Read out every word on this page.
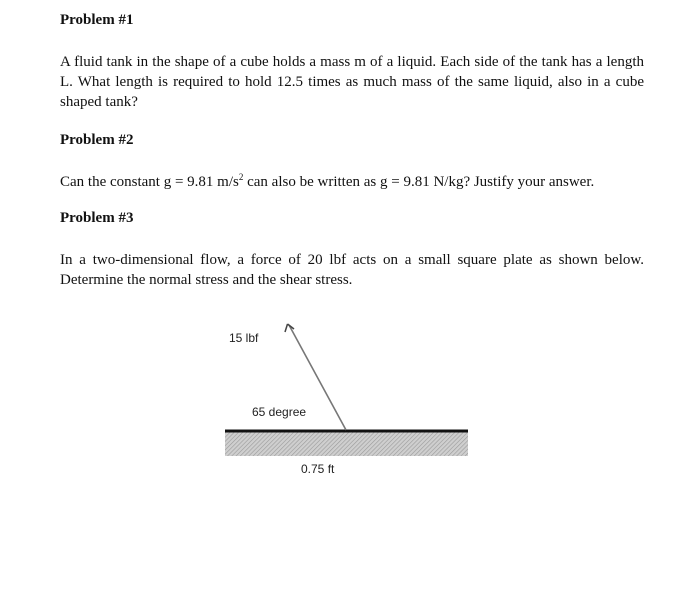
Problem #1
A fluid tank in the shape of a cube holds a mass m of a liquid. Each side of the tank has a length L. What length is required to hold 12.5 times as much mass of the same liquid, also in a cube shaped tank?
Problem #2
Can the constant g = 9.81 $m/s^2$ can also be written as g = 9.81 N/kg? Justify your answer.
Problem #3
In a two-dimensional flow, a force of 20 lbf acts on a small square plate as shown below. Determine the normal stress and the shear stress.
15 lbf
65 degree
0.75 ft
